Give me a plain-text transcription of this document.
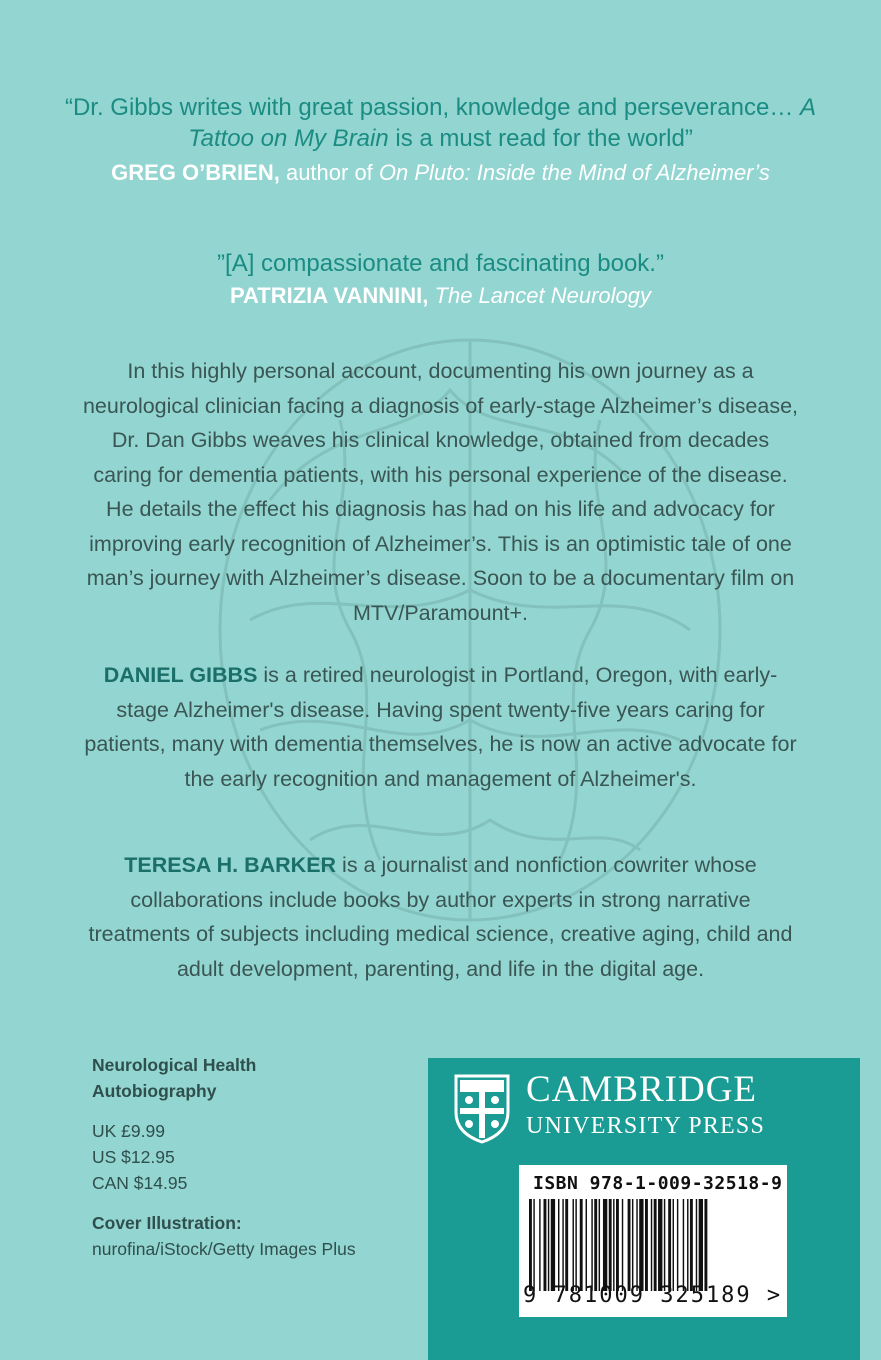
“Dr. Gibbs writes with great passion, knowledge and perseverance… A Tattoo on My Brain is a must read for the world”
GREG O’BRIEN, author of On Pluto: Inside the Mind of Alzheimer’s
”[A] compassionate and fascinating book.”
PATRIZIA VANNINI, The Lancet Neurology
In this highly personal account, documenting his own journey as a neurological clinician facing a diagnosis of early-stage Alzheimer’s disease, Dr. Dan Gibbs weaves his clinical knowledge, obtained from decades caring for dementia patients, with his personal experience of the disease. He details the effect his diagnosis has had on his life and advocacy for improving early recognition of Alzheimer’s. This is an optimistic tale of one man’s journey with Alzheimer’s disease. Soon to be a documentary film on MTV/Paramount+.
DANIEL GIBBS is a retired neurologist in Portland, Oregon, with early-stage Alzheimer's disease. Having spent twenty-five years caring for patients, many with dementia themselves, he is now an active advocate for the early recognition and management of Alzheimer's.
TERESA H. BARKER is a journalist and nonfiction cowriter whose collaborations include books by author experts in strong narrative treatments of subjects including medical science, creative aging, child and adult development, parenting, and life in the digital age.
Neurological Health
Autobiography
UK £9.99
US $12.95
CAN $14.95
Cover Illustration:
nurofina/iStock/Getty Images Plus
CAMBRIDGE
UNIVERSITY PRESS
ISBN 978-1-009-32518-9
9 781009 325189 >
